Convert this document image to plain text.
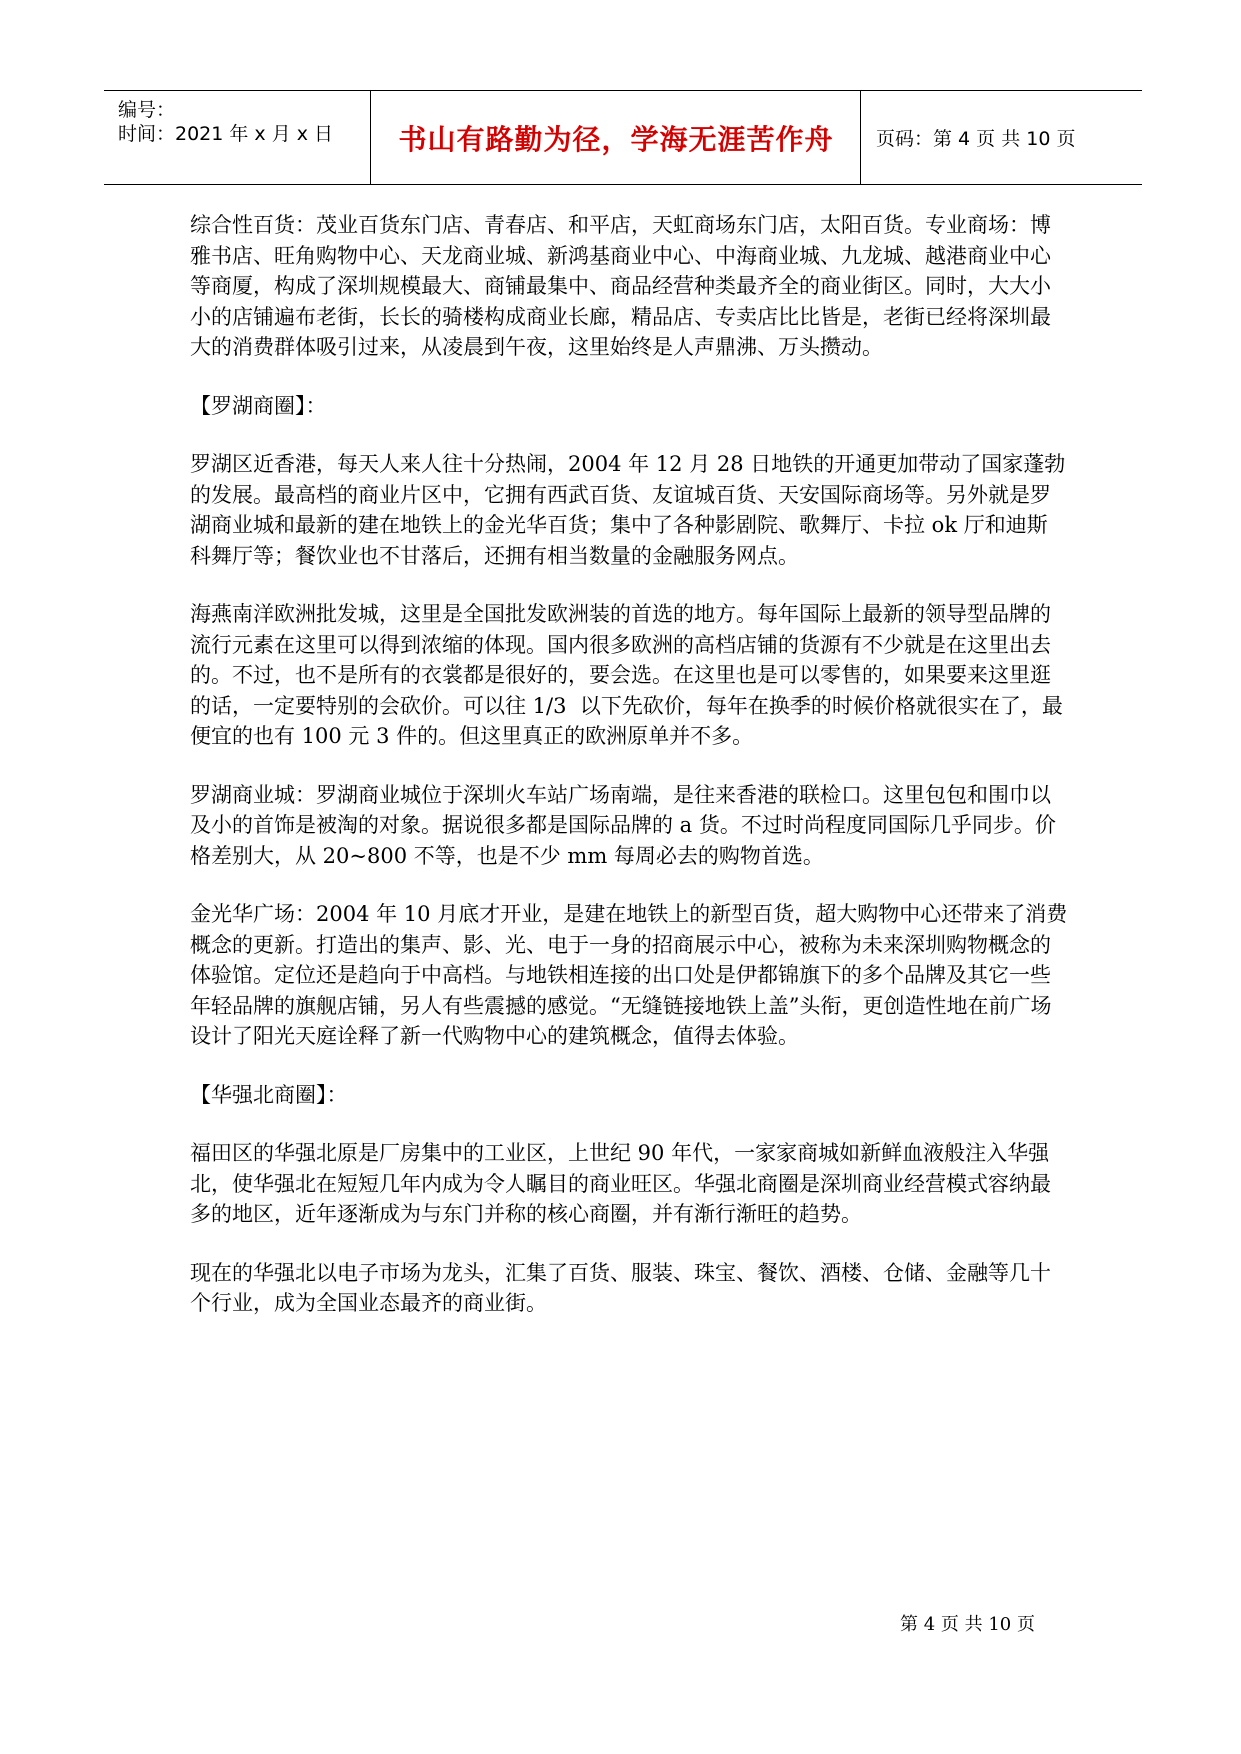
编号：
时间：2021 年 x 月 x 日 书山有路勤为径，学海无涯苦作舟 页码：第 4 页 共 10 页

综合性百货：茂业百货东门店、青春店、和平店，天虹商场东门店，太阳百货。专业商场：博雅书店、旺角购物中心、天龙商业城、新鸿基商业中心、中海商业城、九龙城、越港商业中心等商厦，构成了深圳规模最大、商铺最集中、商品经营种类最齐全的商业街区。同时，大大小小的店铺遍布老街，长长的骑楼构成商业长廊，精品店、专卖店比比皆是，老街已经将深圳最大的消费群体吸引过来，从凌晨到午夜，这里始终是人声鼎沸、万头攒动。

【罗湖商圈】：

罗湖区近香港，每天人来人往十分热闹，2004 年 12 月 28 日地铁的开通更加带动了国家蓬勃的发展。最高档的商业片区中，它拥有西武百货、友谊城百货、天安国际商场等。另外就是罗湖商业城和最新的建在地铁上的金光华百货；集中了各种影剧院、歌舞厅、卡拉 ok 厅和迪斯科舞厅等；餐饮业也不甘落后，还拥有相当数量的金融服务网点。

海燕南洋欧洲批发城，这里是全国批发欧洲装的首选的地方。每年国际上最新的领导型品牌的流行元素在这里可以得到浓缩的体现。国内很多欧洲的高档店铺的货源有不少就是在这里出去的。不过，也不是所有的衣裳都是很好的，要会选。在这里也是可以零售的，如果要来这里逛的话，一定要特别的会砍价。可以往 1/3  以下先砍价，每年在换季的时候价格就很实在了，最便宜的也有 100 元 3 件的。但这里真正的欧洲原单并不多。

罗湖商业城：罗湖商业城位于深圳火车站广场南端，是往来香港的联检口。这里包包和围巾以及小的首饰是被淘的对象。据说很多都是国际品牌的 a 货。不过时尚程度同国际几乎同步。价格差别大，从 20~800 不等，也是不少 mm 每周必去的购物首选。

金光华广场：2004 年 10 月底才开业，是建在地铁上的新型百货，超大购物中心还带来了消费概念的更新。打造出的集声、影、光、电于一身的招商展示中心，被称为未来深圳购物概念的体验馆。定位还是趋向于中高档。与地铁相连接的出口处是伊都锦旗下的多个品牌及其它一些年轻品牌的旗舰店铺，另人有些震撼的感觉。“无缝链接地铁上盖”头衔，更创造性地在前广场设计了阳光天庭诠释了新一代购物中心的建筑概念，值得去体验。

【华强北商圈】：

福田区的华强北原是厂房集中的工业区，上世纪 90 年代，一家家商城如新鲜血液般注入华强北，使华强北在短短几年内成为令人瞩目的商业旺区。华强北商圈是深圳商业经营模式容纳最多的地区，近年逐渐成为与东门并称的核心商圈，并有渐行渐旺的趋势。

现在的华强北以电子市场为龙头，汇集了百货、服装、珠宝、餐饮、酒楼、仓储、金融等几十个行业，成为全国业态最齐的商业街。

第 4 页 共 10 页
